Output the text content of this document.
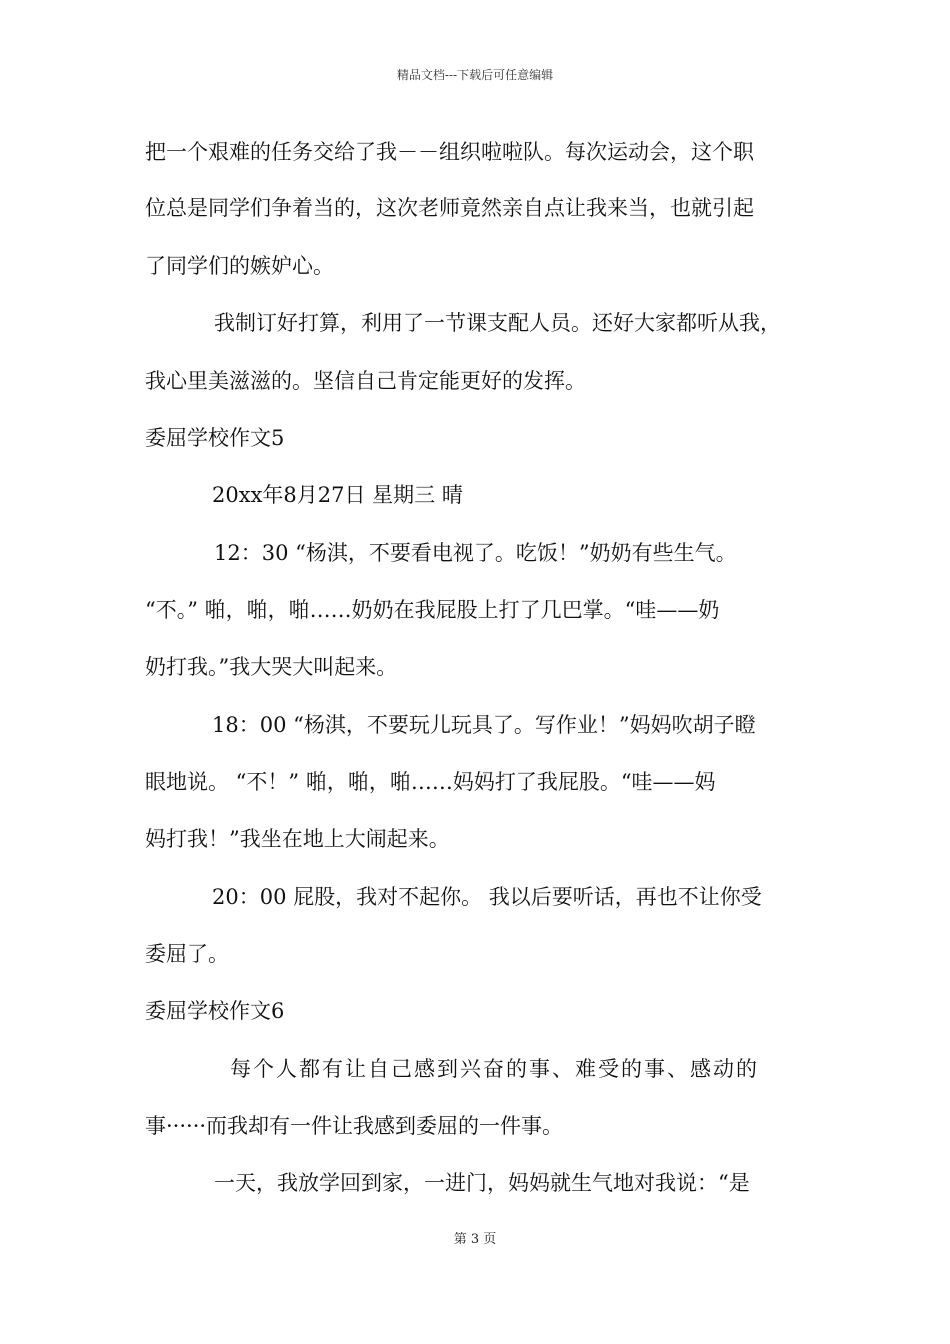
精品文档---下载后可任意编辑
把一个艰难的任务交给了我－－组织啦啦队。每次运动会，这个职
位总是同学们争着当的，这次老师竟然亲自点让我来当，也就引起
了同学们的嫉妒心。
我制订好打算，利用了一节课支配人员。还好大家都听从我，
我心里美滋滋的。坚信自己肯定能更好的发挥。
委屈学校作文5
20xx年8月27日 星期三 晴
12：30 “杨淇，不要看电视了。吃饭！”奶奶有些生气。
“不。” 啪，啪，啪……奶奶在我屁股上打了几巴掌。“哇——奶
奶打我。”我大哭大叫起来。
18：00 “杨淇，不要玩儿玩具了。写作业！”妈妈吹胡子瞪
眼地说。 “不！” 啪，啪，啪……妈妈打了我屁股。“哇——妈
妈打我！”我坐在地上大闹起来。
20：00 屁股，我对不起你。 我以后要听话，再也不让你受
委屈了。
委屈学校作文6
每个人都有让自己感到兴奋的事、难受的事、感动的
事······而我却有一件让我感到委屈的一件事。
一天，我放学回到家，一进门，妈妈就生气地对我说：“是
第 3 页
